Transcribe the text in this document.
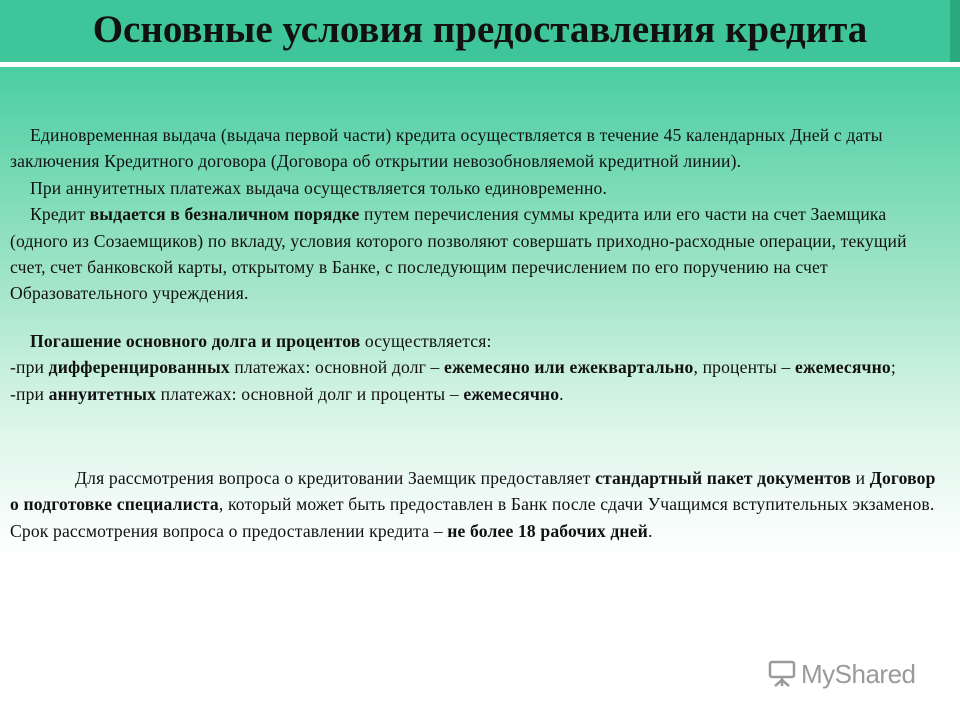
Основные условия предоставления кредита

Единовременная выдача (выдача первой части) кредита осуществляется в течение 45 календарных Дней с даты заключения Кредитного договора (Договора об открытии невозобновляемой кредитной линии).

При аннуитетных платежах выдача осуществляется только единовременно.

Кредит выдается в безналичном порядке путем перечисления суммы кредита или его части на счет Заемщика (одного из Созаемщиков) по вкладу, условия которого позволяют совершать приходно-расходные операции, текущий счет, счет банковской карты, открытому в Банке, с последующим перечислением по его поручению на счет Образовательного учреждения.

Погашение основного долга и процентов осуществляется:

-при дифференцированных платежах: основной долг – ежемесяно или ежеквартально, проценты – ежемесячно;

-при аннуитетных платежах: основной долг и проценты – ежемесячно.

Для рассмотрения вопроса о кредитовании Заемщик предоставляет стандартный пакет документов и Договор о подготовке специалиста, который может быть предоставлен в Банк после сдачи Учащимся вступительных экзаменов.

Срок рассмотрения вопроса о предоставлении кредита – не более 18 рабочих дней.

MyShared
